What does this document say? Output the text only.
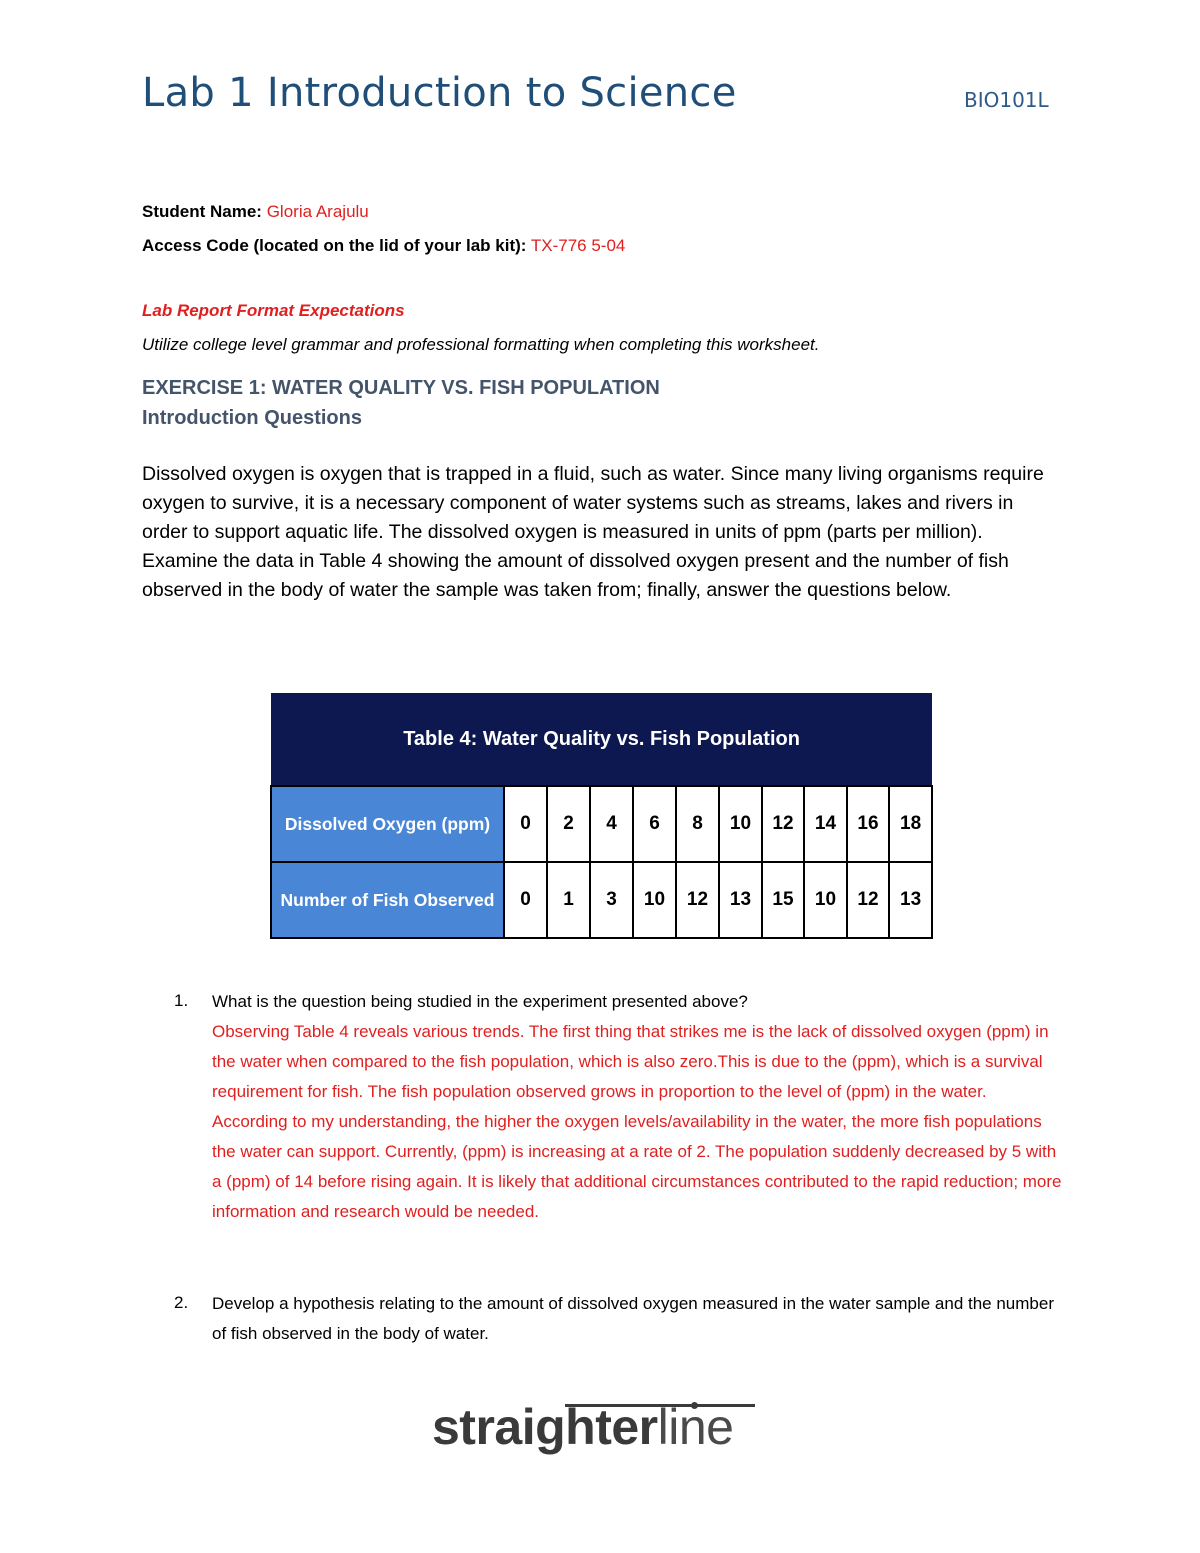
Lab 1 Introduction to Science	BIO101L
Student Name: Gloria Arajulu
Access Code (located on the lid of your lab kit): TX-776 5-04
Lab Report Format Expectations
Utilize college level grammar and professional formatting when completing this worksheet.
EXERCISE 1: WATER QUALITY VS. FISH POPULATION
Introduction Questions

Dissolved oxygen is oxygen that is trapped in a fluid, such as water. Since many living organisms require oxygen to survive, it is a necessary component of water systems such as streams, lakes and rivers in order to support aquatic life. The dissolved oxygen is measured in units of ppm (parts per million). Examine the data in Table 4 showing the amount of dissolved oxygen present and the number of fish observed in the body of water the sample was taken from; finally, answer the questions below.

Table 4: Water Quality vs. Fish Population										
Dissolved Oxygen (ppm)	0	2	4	6	8	10	12	14	16	18
Number of Fish Observed	0	1	3	10	12	13	15	10	12	13
1.	What is the question being studied in the experiment presented above?

Observing Table 4 reveals various trends. The first thing that strikes me is the lack of dissolved oxygen (ppm) in the water when compared to the fish population, which is also zero.This is due to the (ppm), which is a survival requirement for fish. The fish population observed grows in proportion to the level of (ppm) in the water. According to my understanding, the higher the oxygen levels/availability in the water, the more fish populations the water can support. Currently, (ppm) is increasing at a rate of 2. The population suddenly decreased by 5 with a (ppm) of 14 before rising again. It is likely that additional circumstances contributed to the rapid reduction; more information and research would be needed.

2.	Develop a hypothesis relating to the amount of dissolved oxygen measured in the water sample and the number of fish observed in the body of water.

straighterline
